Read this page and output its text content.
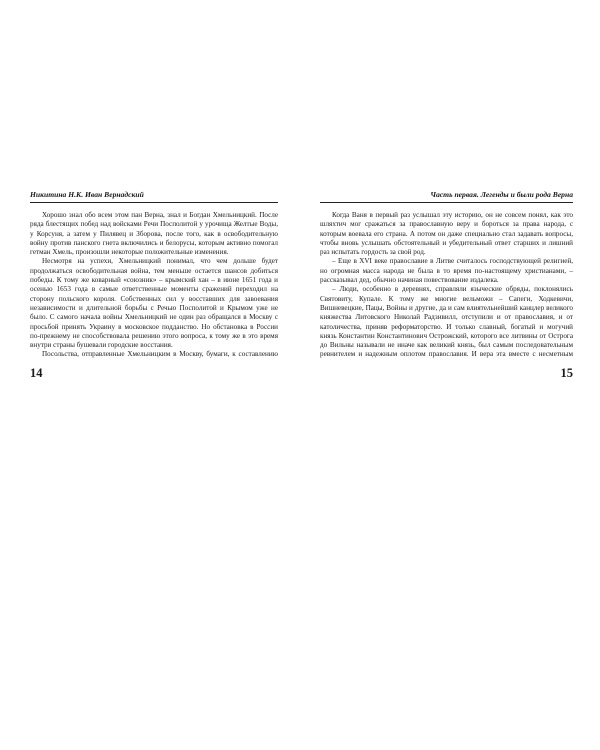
Никитина Н.К. Иван Вернадский

Хорошо знал обо всем этом пан Верна, знал и Богдан Хмельницкий. После ряда блестящих побед над войсками Речи Посполитой у урочища Желтые Воды, у Корсуня, а затем у Пилявец и Зборова, после того, как в освободительную войну против панского гнета включились и белорусы, которым активно помогал гетман Хмель, произошли некоторые положительные изменения.

Несмотря на успехи, Хмельницкий понимал, что чем дольше будет продолжаться освободительная война, тем меньше остается шансов добиться победы. К тому же коварный «союзник» – крымский хан – в июне 1651 года и осенью 1653 года в самые ответственные моменты сражений переходил на сторону польского короля. Собственных сил у восставших для завоевания независимости и длительной борьбы с Речью Посполитой и Крымом уже не было. С самого начала войны Хмельницкий не один раз обращался в Москву с просьбой принять Украину в московское подданство. Но обстановка в России по-прежнему не способствовала решению этого вопроса, к тому же в это время внутри страны бушевали городские восстания.

Посольства, отправленные Хмельницким в Москву, бумаги, к составлению

14
Часть первая. Легенды и были рода Верна

Когда Ваня в первый раз услышал эту историю, он не совсем понял, как это шляхтич мог сражаться за православную веру и бороться за права народа, с которым воевала его страна. А потом он даже специально стал задавать вопросы, чтобы вновь услышать обстоятельный и убедительный ответ старших и лишний раз испытать гордость за свой род.

– Еще в XVI веке православие в Литве считалось господствующей религией, но огромная масса народа не была в то время по-настоящему христианами, – рассказывал дед, обычно начиная повествование издалека.

– Люди, особенно в деревнях, справляли языческие обряды, поклонялись Святовиту, Купале. К тому же многие вельможи – Сапеги, Ходкевичи, Вишневецкие, Пацы, Войны и другие, да и сам влиятельнейший канцлер великого княжества Литовского Николай Радзивилл, отступили и от православия, и от католичества, приняв реформаторство. И только славный, богатый и могучий князь Константин Константинович Острожский, которого все литвины от Острога до Вильны называли не иначе как великий князь, был самым последовательным ревнителем и надежным оплотом православия. И вера эта вместе с несметным

15
